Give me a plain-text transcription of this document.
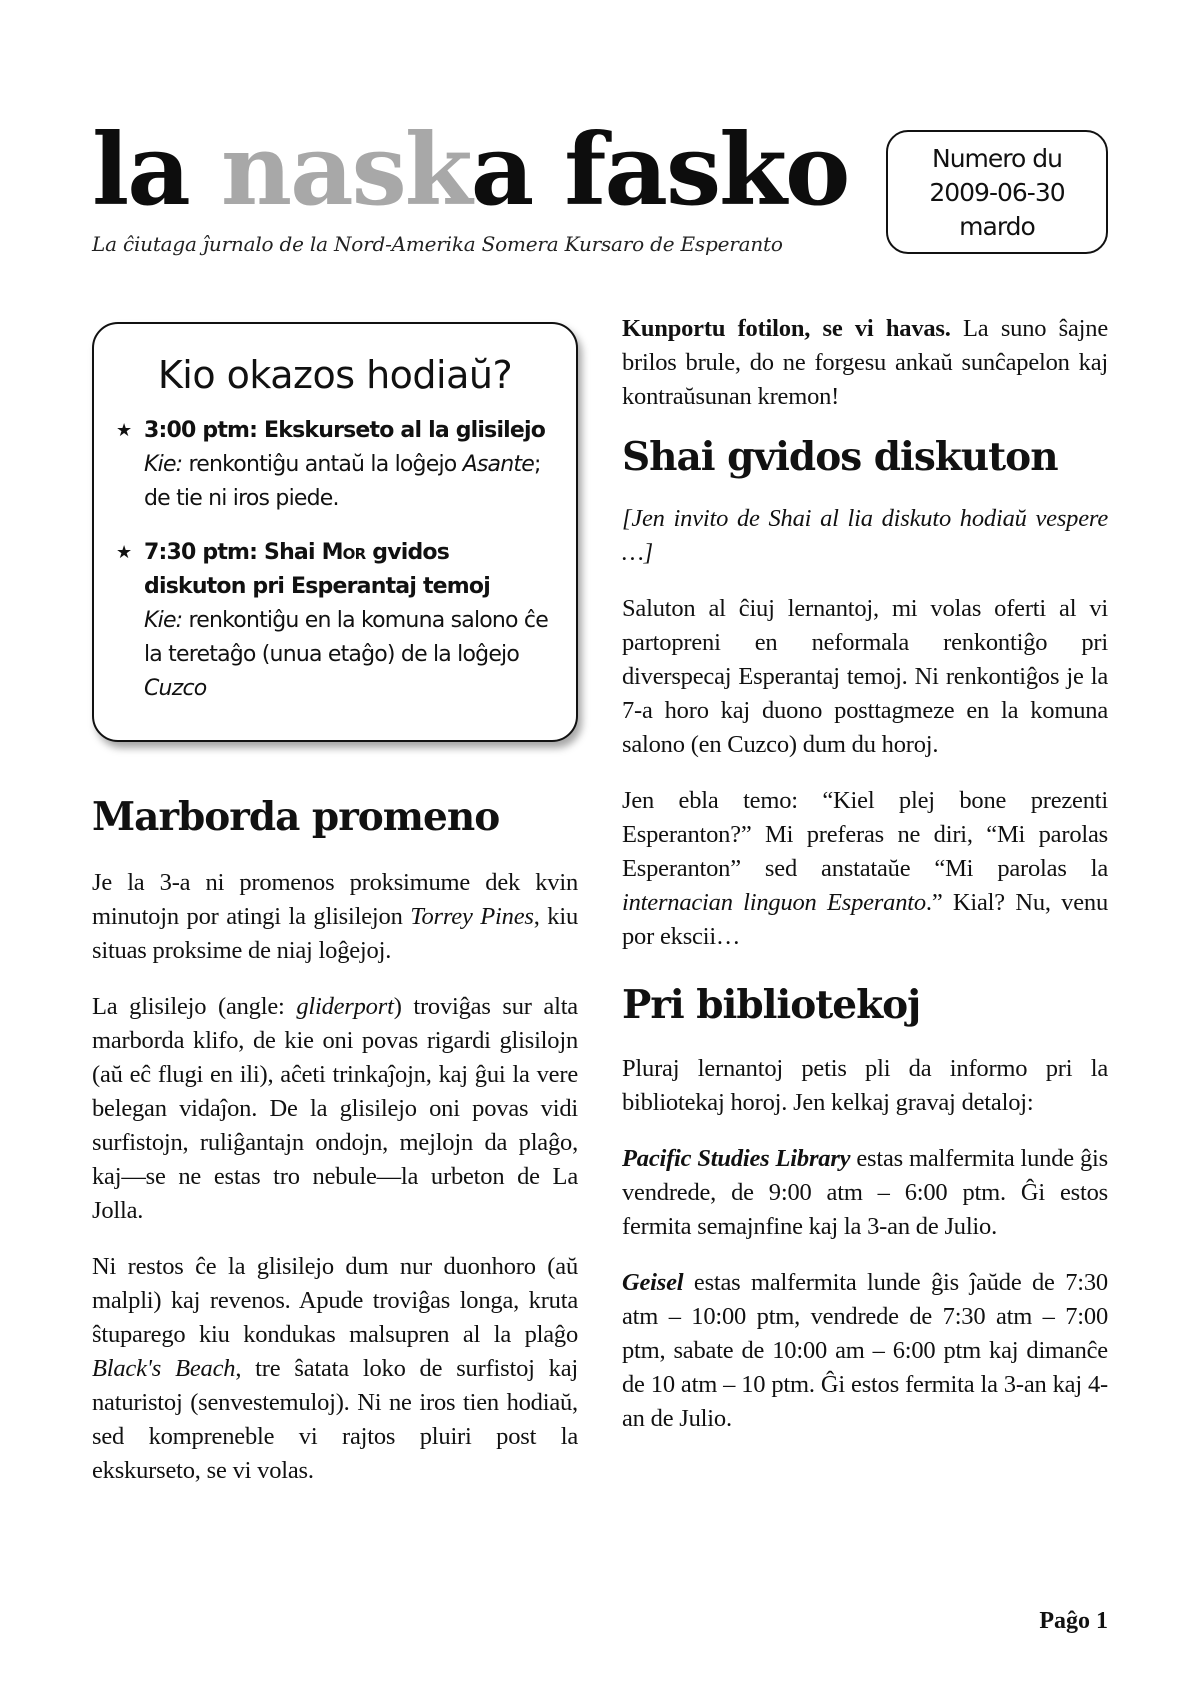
la naska fasko
La ĉiutaga ĵurnalo de la Nord-Amerika Somera Kursaro de Esperanto
Numero du
2009-06-30
mardo
Kio okazos hodiaŭ?
★ 3:00 ptm: Ekskurseto al la glisilejo
Kie: renkontiĝu antaŭ la loĝejo Asante; de tie ni iros piede.
★ 7:30 ptm: Shai Mor gvidos diskuton pri Esperantaj temoj
Kie: renkontiĝu en la komuna salono ĉe la teretaĝo (unua etaĝo) de la loĝejo Cuzco
Marborda promeno

Je la 3-a ni promenos proksimume dek kvin minutojn por atingi la glisilejon Torrey Pines, kiu situas proksime de niaj loĝejoj.

La glisilejo (angle: gliderport) troviĝas sur alta marborda klifo, de kie oni povas rigardi glisilojn (aŭ eĉ flugi en ili), aĉeti trinkaĵojn, kaj ĝui la vere belegan vidaĵon. De la glisilejo oni povas vidi surfistojn, ruliĝantajn ondojn, mejlojn da plaĝo, kaj—se ne estas tro nebule—la urbeton de La Jolla.

Ni restos ĉe la glisilejo dum nur duonhoro (aŭ malpli) kaj revenos. Apude troviĝas longa, kruta ŝtuparego kiu kondukas malsupren al la plaĝo Black's Beach, tre ŝatata loko de surfistoj kaj naturistoj (senvestemuloj). Ni ne iros tien hodiaŭ, sed kompreneble vi rajtos pluiri post la ekskurseto, se vi volas.

Kunportu fotilon, se vi havas. La suno ŝajne brilos brule, do ne forgesu ankaŭ sunĉapelon kaj kontraŭsunan kremon!

Shai gvidos diskuton

[Jen invito de Shai al lia diskuto hodiaŭ vespere …]

Saluton al ĉiuj lernantoj, mi volas oferti al vi partopreni en neformala renkontiĝo pri diverspecaj Esperantaj temoj. Ni renkontiĝos je la 7-a horo kaj duono posttagmeze en la komuna salono (en Cuzco) dum du horoj.

Jen ebla temo: “Kiel plej bone prezenti Esperanton?” Mi preferas ne diri, “Mi parolas Esperanton” sed anstataŭe “Mi parolas la internacian linguon Esperanto.” Kial? Nu, venu por ekscii…

Pri bibliotekoj

Pluraj lernantoj petis pli da informo pri la bibliotekaj horoj. Jen kelkaj gravaj detaloj:

Pacific Studies Library estas malfermita lunde ĝis vendrede, de 9:00 atm – 6:00 ptm. Ĝi estos fermita semajnfine kaj la 3-an de Julio.

Geisel estas malfermita lunde ĝis ĵaŭde de 7:30 atm – 10:00 ptm, vendrede de 7:30 atm – 7:00 ptm, sabate de 10:00 am – 6:00 ptm kaj dimanĉe de 10 atm – 10 ptm. Ĝi estos fermita la 3-an kaj 4-an de Julio.

Paĝo 1
